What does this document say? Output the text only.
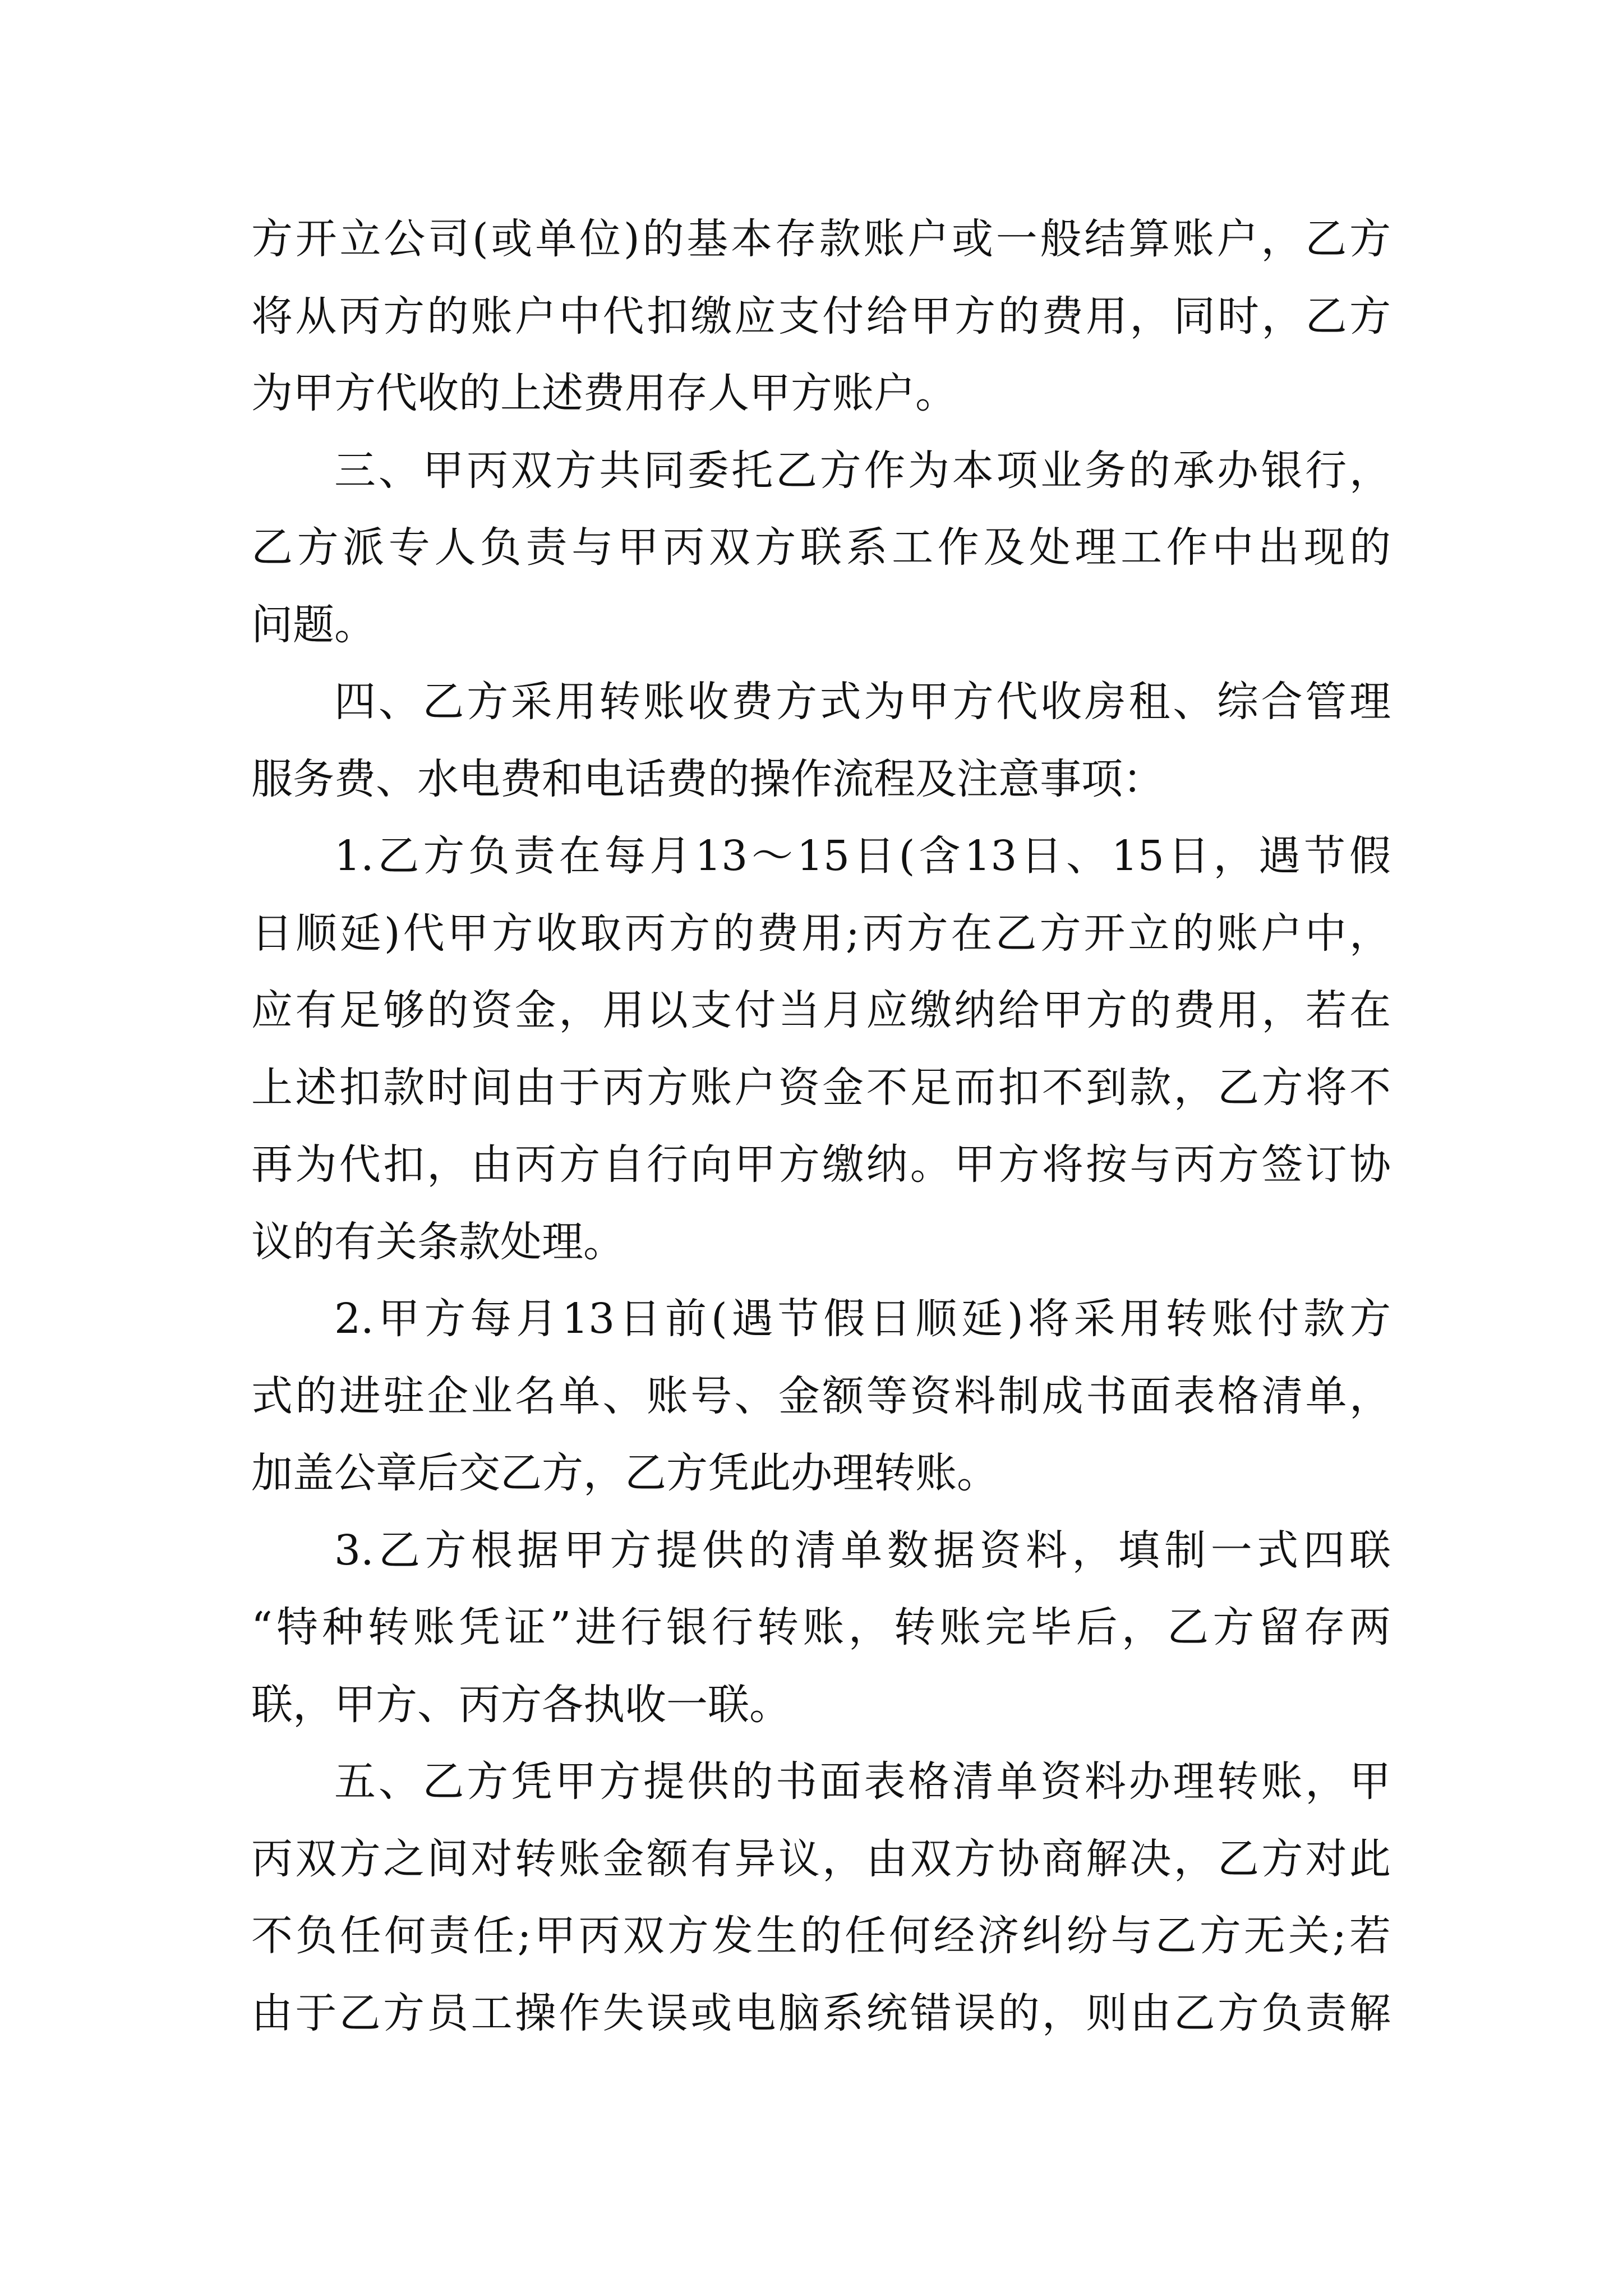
方开立公司(或单位)的基本存款账户或一般结算账户，乙方
将从丙方的账户中代扣缴应支付给甲方的费用，同时，乙方
为甲方代收的上述费用存人甲方账户。
三、甲丙双方共同委托乙方作为本项业务的承办银行，
乙方派专人负责与甲丙双方联系工作及处理工作中出现的
问题。
四、乙方采用转账收费方式为甲方代收房租、综合管理
服务费、水电费和电话费的操作流程及注意事项：
1.乙方负责在每月13～15日(含13日、15日，遇节假
日顺延)代甲方收取丙方的费用;丙方在乙方开立的账户中，
应有足够的资金，用以支付当月应缴纳给甲方的费用，若在
上述扣款时间由于丙方账户资金不足而扣不到款，乙方将不
再为代扣，由丙方自行向甲方缴纳。甲方将按与丙方签订协
议的有关条款处理。
2.甲方每月13日前(遇节假日顺延)将采用转账付款方
式的进驻企业名单、账号、金额等资料制成书面表格清单，
加盖公章后交乙方，乙方凭此办理转账。
3.乙方根据甲方提供的清单数据资料，填制一式四联
“特种转账凭证”进行银行转账，转账完毕后，乙方留存两
联，甲方、丙方各执收一联。
五、乙方凭甲方提供的书面表格清单资料办理转账，甲
丙双方之间对转账金额有异议，由双方协商解决，乙方对此
不负任何责任;甲丙双方发生的任何经济纠纷与乙方无关;若
由于乙方员工操作失误或电脑系统错误的，则由乙方负责解
